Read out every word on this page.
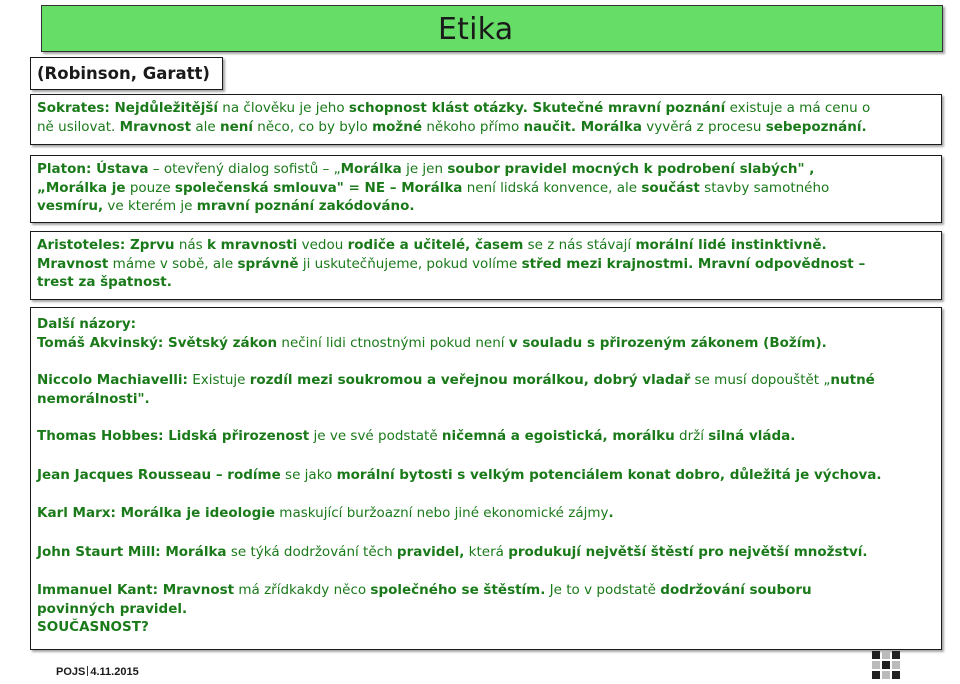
Etika
(Robinson, Garatt)
Sokrates: Nejdůležitější na člověku je jeho schopnost klást otázky. Skutečné mravní poznání existuje a má cenu o
ně usilovat. Mravnost ale není něco, co by bylo možné někoho přímo naučit. Morálka vyvěrá z procesu sebepoznání.
Platon: Ústava – otevřený dialog sofistů – „Morálka je jen soubor pravidel mocných k podrobení slabých" ,
„Morálka je pouze společenská smlouva" = NE – Morálka není lidská konvence, ale součást stavby samotného
vesmíru, ve kterém je mravní poznání zakódováno.
Aristoteles: Zprvu nás k mravnosti vedou rodiče a učitelé, časem se z nás stávají morální lidé instinktivně.
Mravnost máme v sobě, ale správně ji uskutečňujeme, pokud volíme střed mezi krajnostmi. Mravní odpovědnost –
trest za špatnost.

Další názory:

Tomáš Akvinský: Světský zákon nečiní lidi ctnostnými pokud není v souladu s přirozeným zákonem (Božím).

Niccolo Machiavelli: Existuje rozdíl mezi soukromou a veřejnou morálkou, dobrý vladař se musí dopouštět „nutné

nemorálnosti".

Thomas Hobbes: Lidská přirozenost je ve své podstatě ničemná a egoistická, morálku drží silná vláda.

Jean Jacques Rousseau – rodíme se jako morální bytosti s velkým potenciálem konat dobro, důležitá je výchova.

Karl Marx: Morálka je ideologie maskující buržoazní nebo jiné ekonomické zájmy.

John Staurt Mill: Morálka se týká dodržování těch pravidel, která produkují největší štěstí pro největší množství.

Immanuel Kant: Mravnost má zřídkakdy něco společného se štěstím. Je to v podstatě dodržování souboru

povinných pravidel.

SOUČASNOST?

POJS 4.11.2015
